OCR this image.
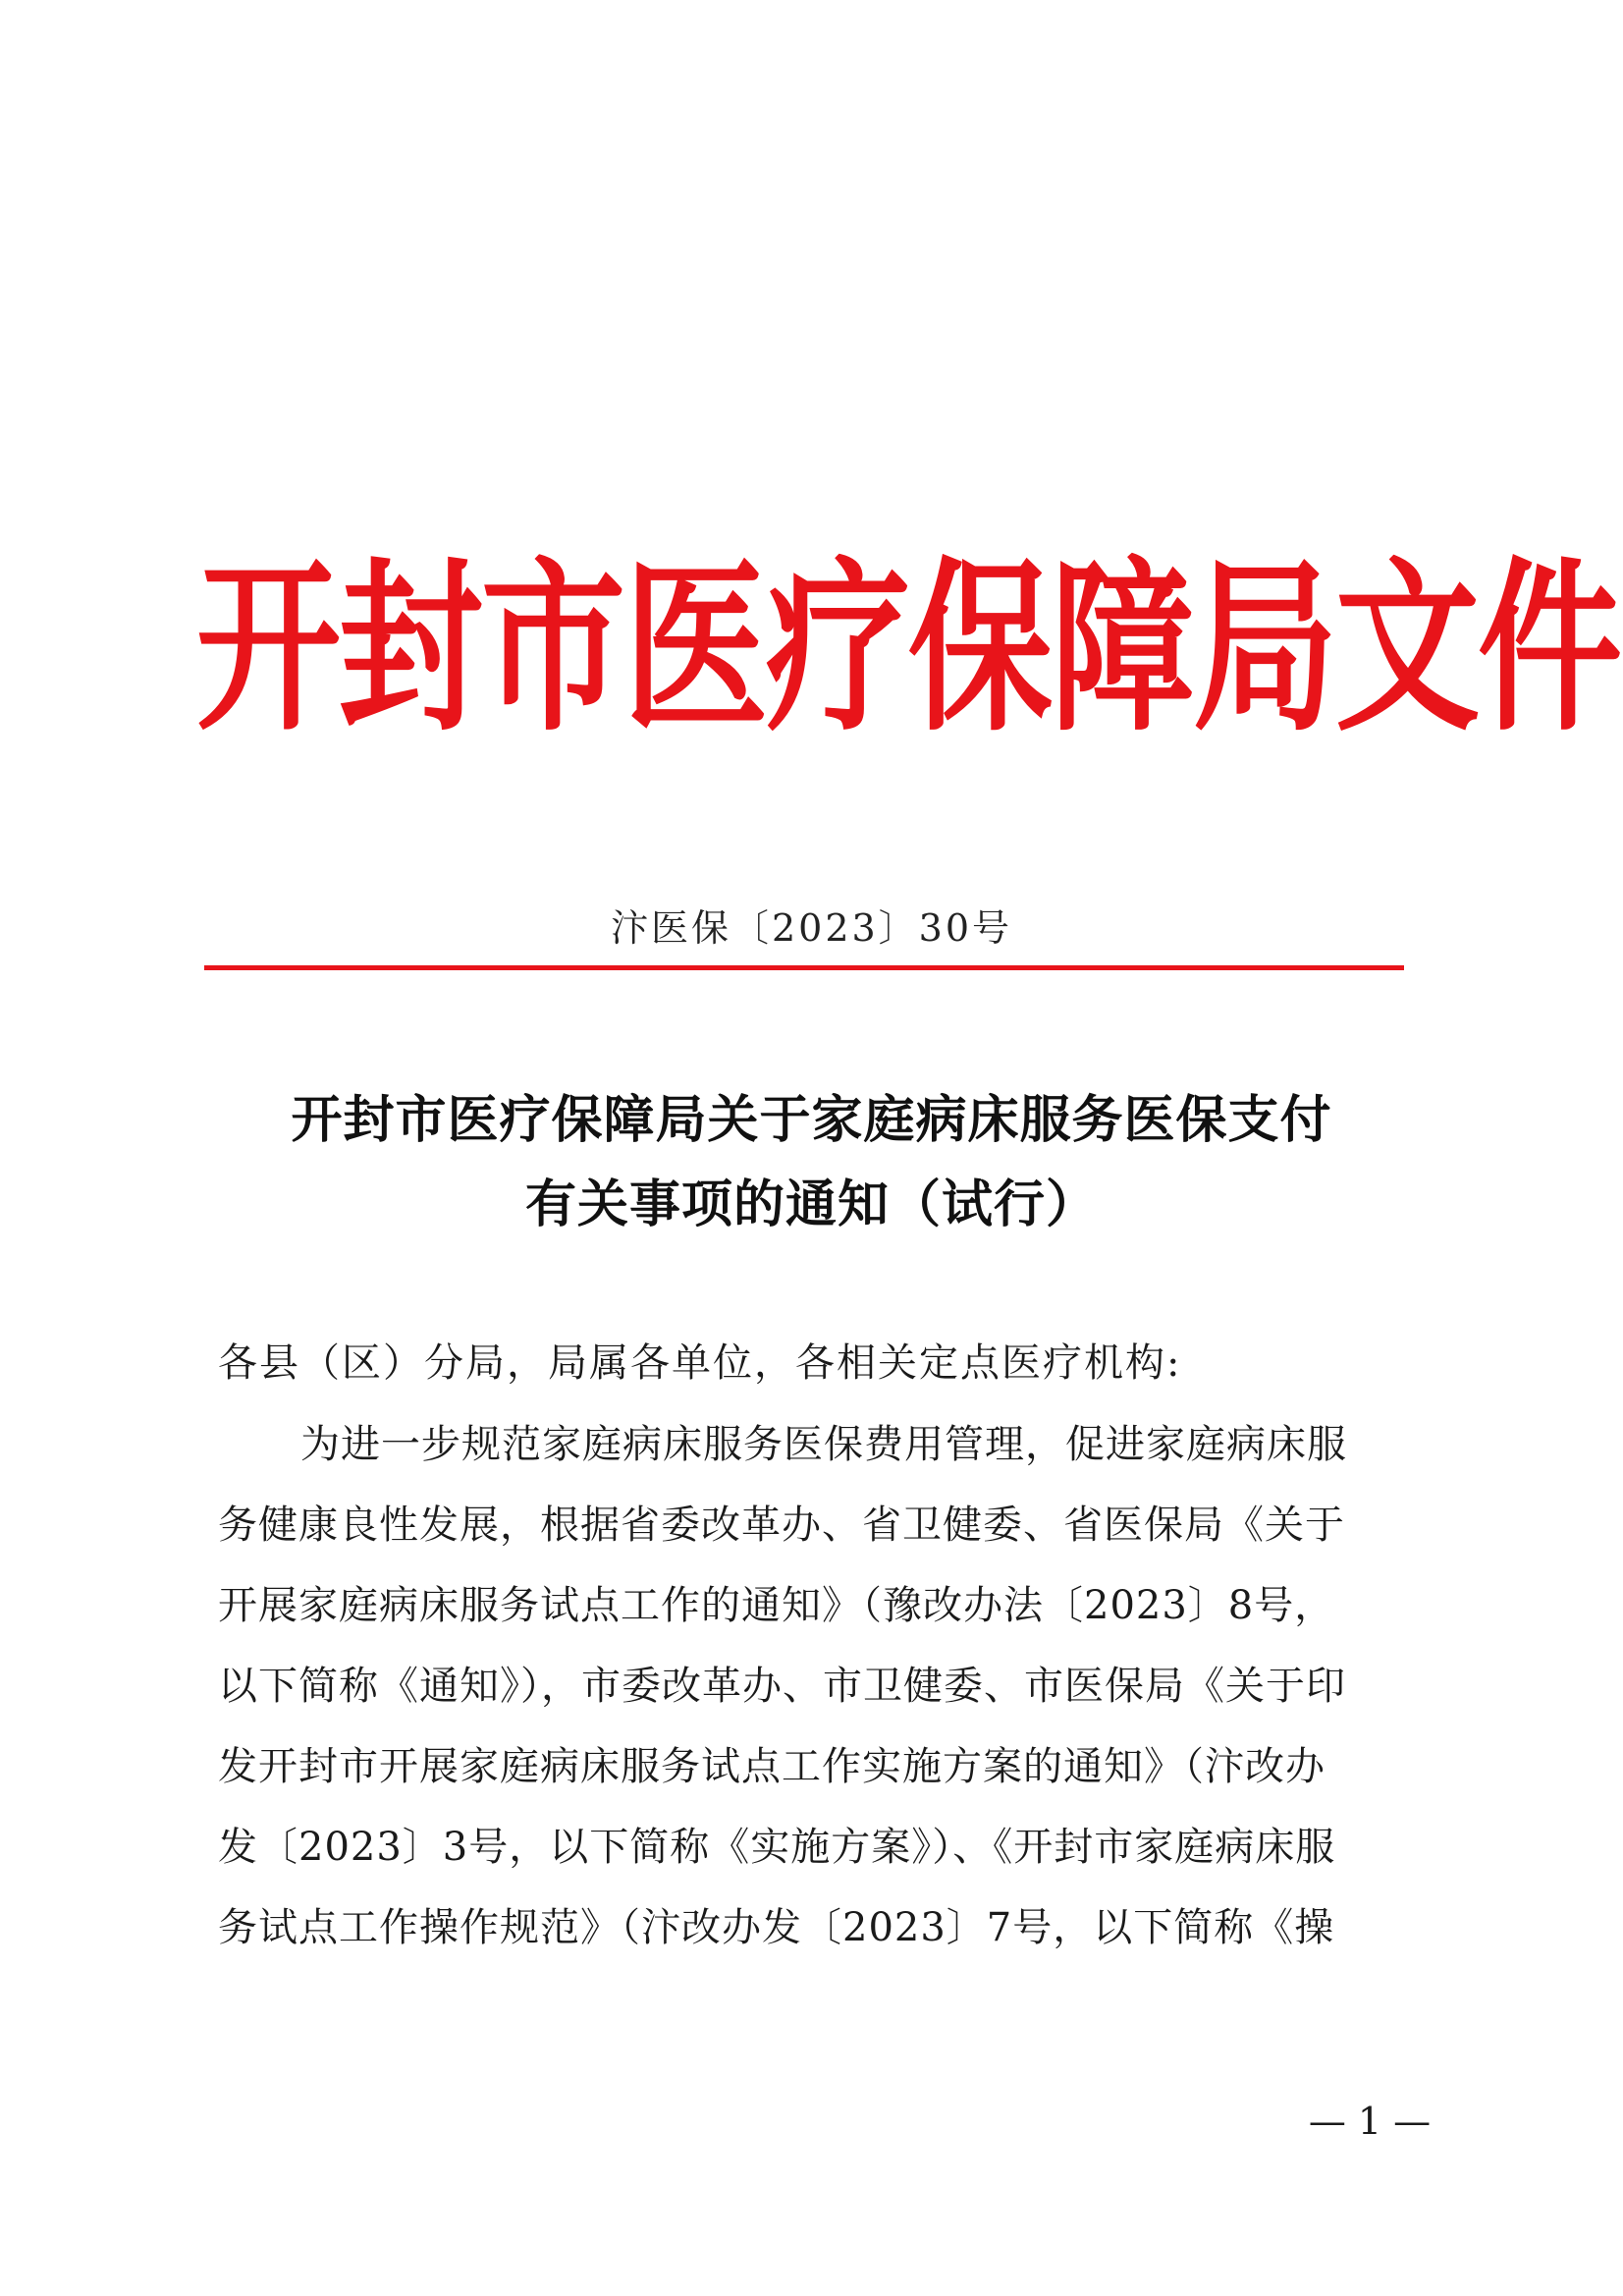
开封市医疗保障局文件
汴医保〔2023〕30号
开封市医疗保障局关于家庭病床服务医保支付
有关事项的通知（试行）
各县（区）分局，局属各单位，各相关定点医疗机构:
为进一步规范家庭病床服务医保费用管理，促进家庭病床服
务健康良性发展，根据省委改革办、省卫健委、省医保局《关于
开展家庭病床服务试点工作的通知》（豫改办法〔2023〕8号，
以下简称《通知》），市委改革办、市卫健委、市医保局《关于印
发开封市开展家庭病床服务试点工作实施方案的通知》（汴改办
发〔2023〕3号，以下简称《实施方案》）、《开封市家庭病床服
务试点工作操作规范》（汴改办发〔2023〕7号，以下简称《操
— 1 —
